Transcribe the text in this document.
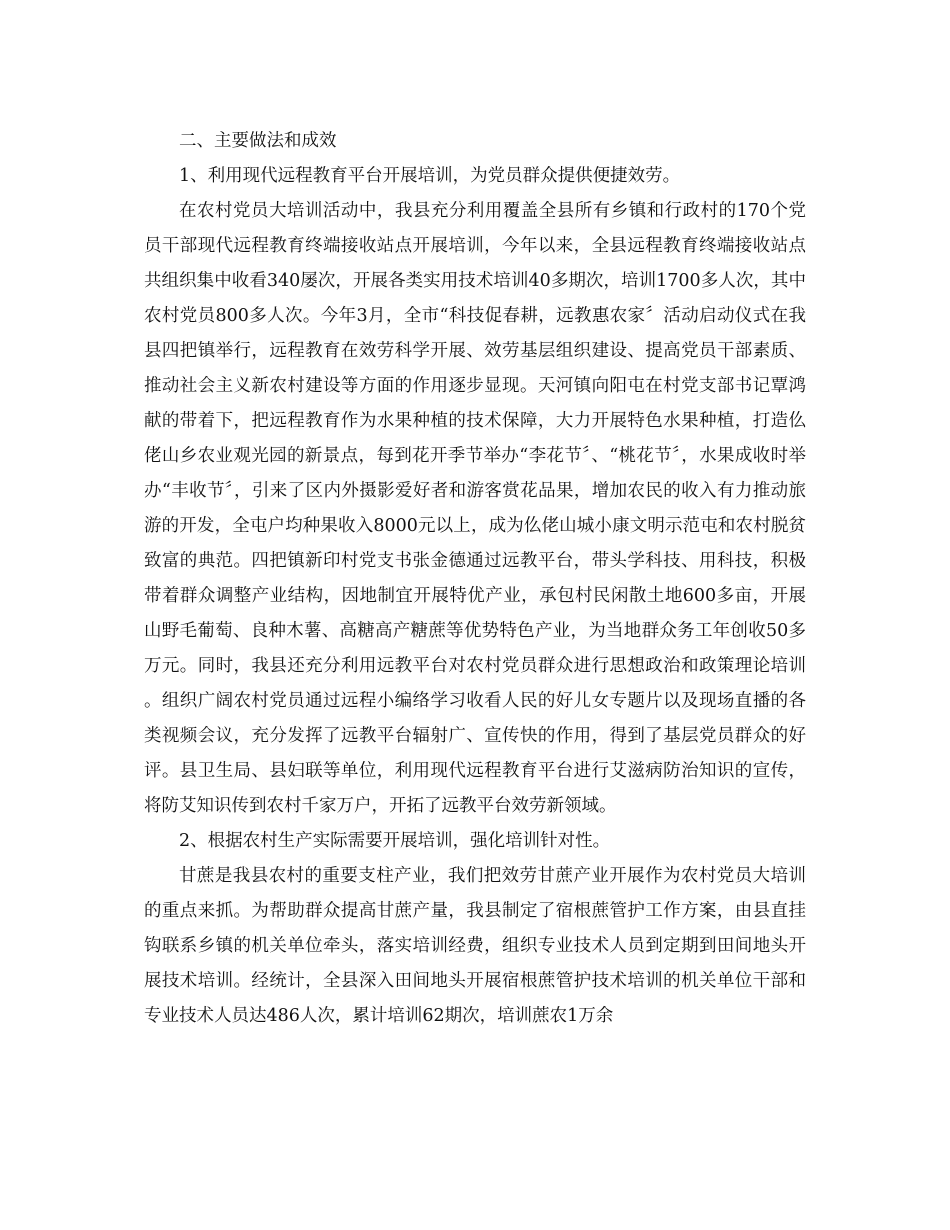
二、主要做法和成效

1、利用现代远程教育平台开展培训，为党员群众提供便捷效劳。

在农村党员大培训活动中，我县充分利用覆盖全县所有乡镇和行政村的170个党员干部现代远程教育终端接收站点开展培训，今年以来，全县远程教育终端接收站点共组织集中收看340屡次，开展各类实用技术培训40多期次，培训1700多人次，其中农村党员800多人次。今年3月，全市“科技促春耕，远教惠农家〞活动启动仪式在我县四把镇举行，远程教育在效劳科学开展、效劳基层组织建设、提高党员干部素质、推动社会主义新农村建设等方面的作用逐步显现。天河镇向阳屯在村党支部书记覃鸿献的带着下，把远程教育作为水果种植的技术保障，大力开展特色水果种植，打造仫佬山乡农业观光园的新景点，每到花开季节举办“李花节〞、“桃花节〞，水果成收时举办“丰收节〞，引来了区内外摄影爱好者和游客赏花品果，增加农民的收入有力推动旅游的开发，全屯户均种果收入8000元以上，成为仫佬山城小康文明示范屯和农村脱贫致富的典范。四把镇新印村党支书张金德通过远教平台，带头学科技、用科技，积极带着群众调整产业结构，因地制宜开展特优产业，承包村民闲散土地600多亩，开展山野毛葡萄、良种木薯、高糖高产糖蔗等优势特色产业，为当地群众务工年创收50多万元。同时，我县还充分利用远教平台对农村党员群众进行思想政治和政策理论培训。组织广阔农村党员通过远程小编络学习收看人民的好儿女专题片以及现场直播的各类视频会议，充分发挥了远教平台辐射广、宣传快的作用，得到了基层党员群众的好评。县卫生局、县妇联等单位，利用现代远程教育平台进行艾滋病防治知识的宣传，将防艾知识传到农村千家万户，开拓了远教平台效劳新领域。

2、根据农村生产实际需要开展培训，强化培训针对性。

甘蔗是我县农村的重要支柱产业，我们把效劳甘蔗产业开展作为农村党员大培训的重点来抓。为帮助群众提高甘蔗产量，我县制定了宿根蔗管护工作方案，由县直挂钩联系乡镇的机关单位牵头，落实培训经费，组织专业技术人员到定期到田间地头开展技术培训。经统计，全县深入田间地头开展宿根蔗管护技术培训的机关单位干部和专业技术人员达486人次，累计培训62期次，培训蔗农1万余
